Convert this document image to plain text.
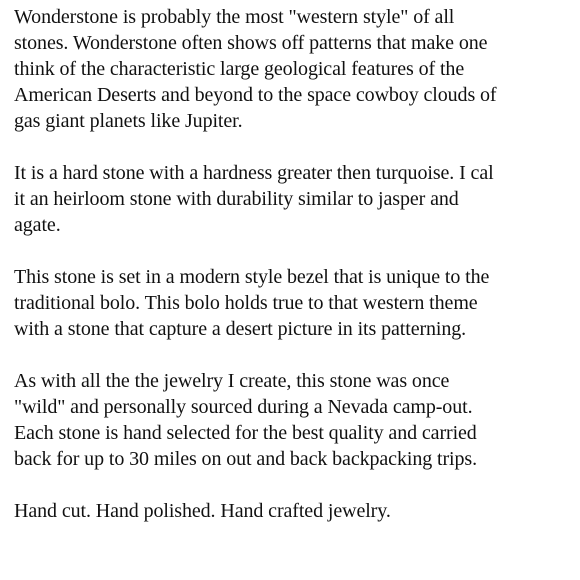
Wonderstone is probably the most "western style" of all
stones. Wonderstone often shows off patterns that make one
think of the characteristic large geological features of the
American Deserts and beyond to the space cowboy clouds of
gas giant planets like Jupiter.
It is a hard stone with a hardness greater then turquoise. I cal
it an heirloom stone with durability similar to jasper and
agate.
This stone is set in a modern style bezel that is unique to the
traditional bolo. This bolo holds true to that western theme
with a stone that capture a desert picture in its patterning.
As with all the the jewelry I create, this stone was once
"wild" and personally sourced during a Nevada camp-out.
Each stone is hand selected for the best quality and carried
back for up to 30 miles on out and back backpacking trips.
Hand cut. Hand polished. Hand crafted jewelry.
